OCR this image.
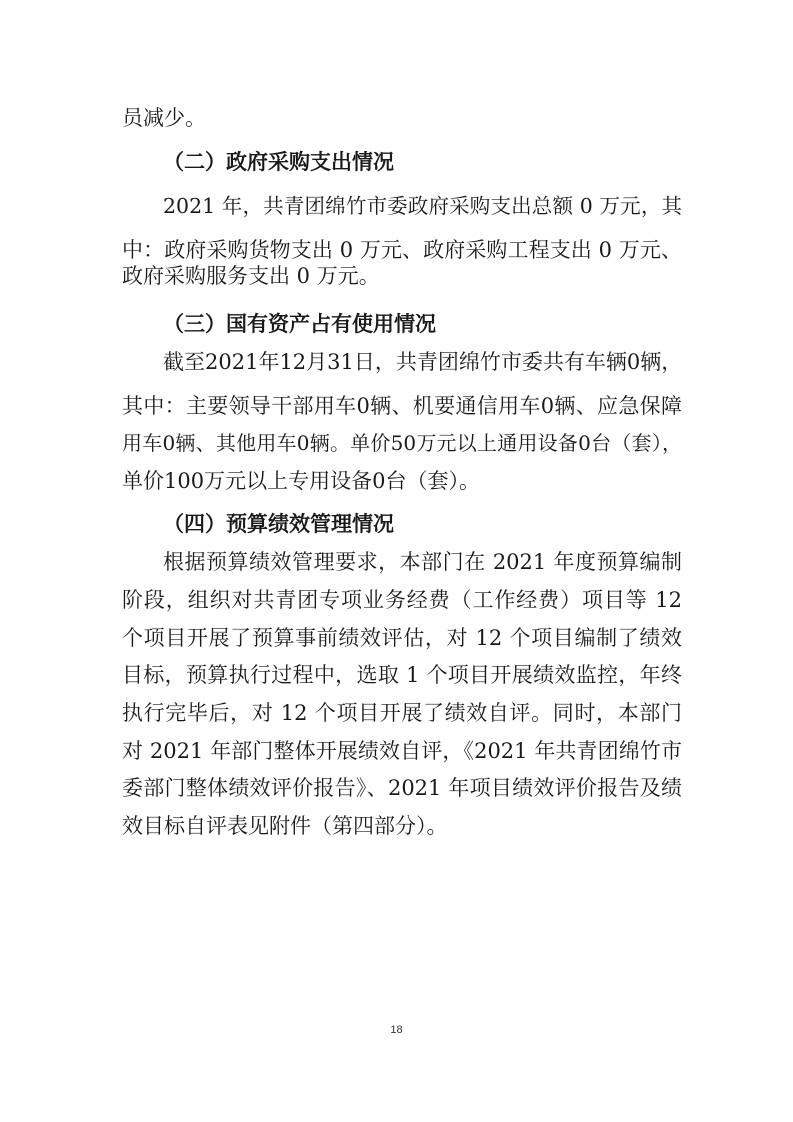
员减少。
（二）政府采购支出情况
2021 年，共青团绵竹市委政府采购支出总额 0 万元，其
中：政府采购货物支出 0 万元、政府采购工程支出 0 万元、
政府采购服务支出 0 万元。
（三）国有资产占有使用情况
截至2021年12月31日，共青团绵竹市委共有车辆0辆，
其中：主要领导干部用车0辆、机要通信用车0辆、应急保障
用车0辆、其他用车0辆。单价50万元以上通用设备0台（套），
单价100万元以上专用设备0台（套）。
（四）预算绩效管理情况
根据预算绩效管理要求，本部门在 2021 年度预算编制
阶段，组织对共青团专项业务经费（工作经费）项目等 12
个项目开展了预算事前绩效评估，对 12 个项目编制了绩效
目标，预算执行过程中，选取 1 个项目开展绩效监控，年终
执行完毕后，对 12 个项目开展了绩效自评。同时，本部门
对 2021 年部门整体开展绩效自评，《2021 年共青团绵竹市
委部门整体绩效评价报告》、2021 年项目绩效评价报告及绩
效目标自评表见附件（第四部分）。
18
